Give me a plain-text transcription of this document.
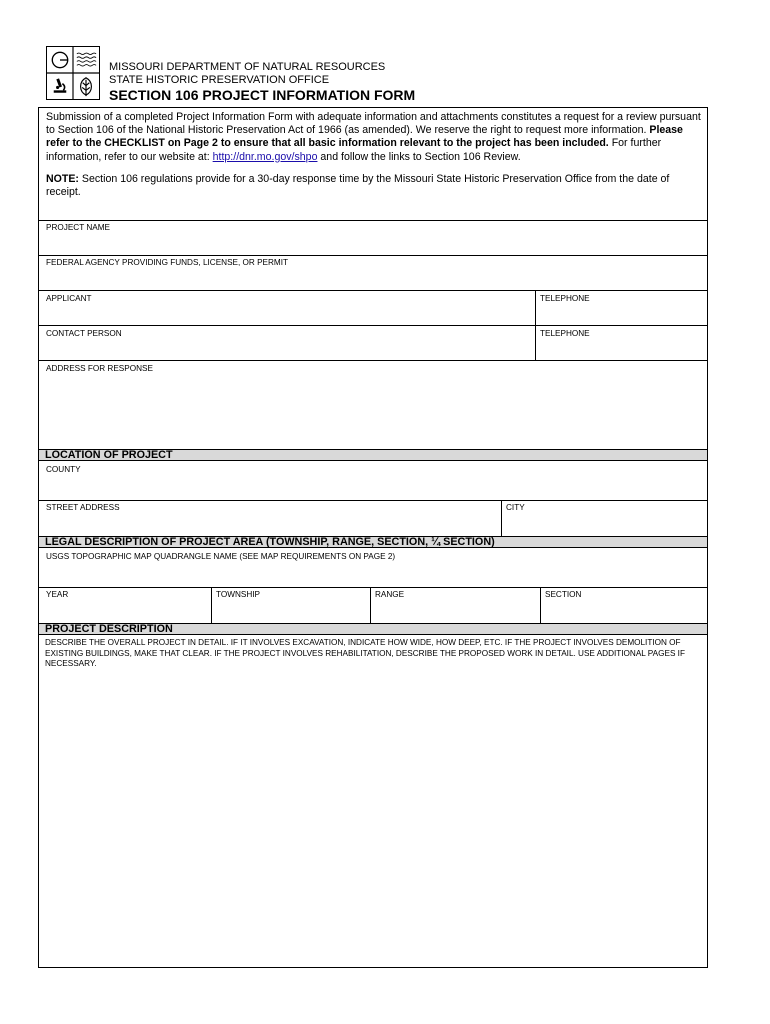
MISSOURI DEPARTMENT OF NATURAL RESOURCES
STATE HISTORIC PRESERVATION OFFICE
SECTION 106 PROJECT INFORMATION FORM

Submission of a completed Project Information Form with adequate information and attachments constitutes a request for a review pursuant to Section 106 of the National Historic Preservation Act of 1966 (as amended). We reserve the right to request more information. Please refer to the CHECKLIST on Page 2 to ensure that all basic information relevant to the project has been included. For further information, refer to our website at: http://dnr.mo.gov/shpo and follow the links to Section 106 Review.

NOTE: Section 106 regulations provide for a 30-day response time by the Missouri State Historic Preservation Office from the date of receipt.

PROJECT NAME
FEDERAL AGENCY PROVIDING FUNDS, LICENSE, OR PERMIT
APPLICANT	TELEPHONE
CONTACT PERSON	TELEPHONE
ADDRESS FOR RESPONSE
LOCATION OF PROJECT
COUNTY
STREET ADDRESS	CITY
LEGAL DESCRIPTION OF PROJECT AREA (TOWNSHIP, RANGE, SECTION, ¼ SECTION)
USGS TOPOGRAPHIC MAP QUADRANGLE NAME (SEE MAP REQUIREMENTS ON PAGE 2)
YEAR	TOWNSHIP	RANGE	SECTION
PROJECT DESCRIPTION
DESCRIBE THE OVERALL PROJECT IN DETAIL. IF IT INVOLVES EXCAVATION, INDICATE HOW WIDE, HOW DEEP, ETC. IF THE PROJECT INVOLVES DEMOLITION OF EXISTING BUILDINGS, MAKE THAT CLEAR. IF THE PROJECT INVOLVES REHABILITATION, DESCRIBE THE PROPOSED WORK IN DETAIL. USE ADDITIONAL PAGES IF NECESSARY.
